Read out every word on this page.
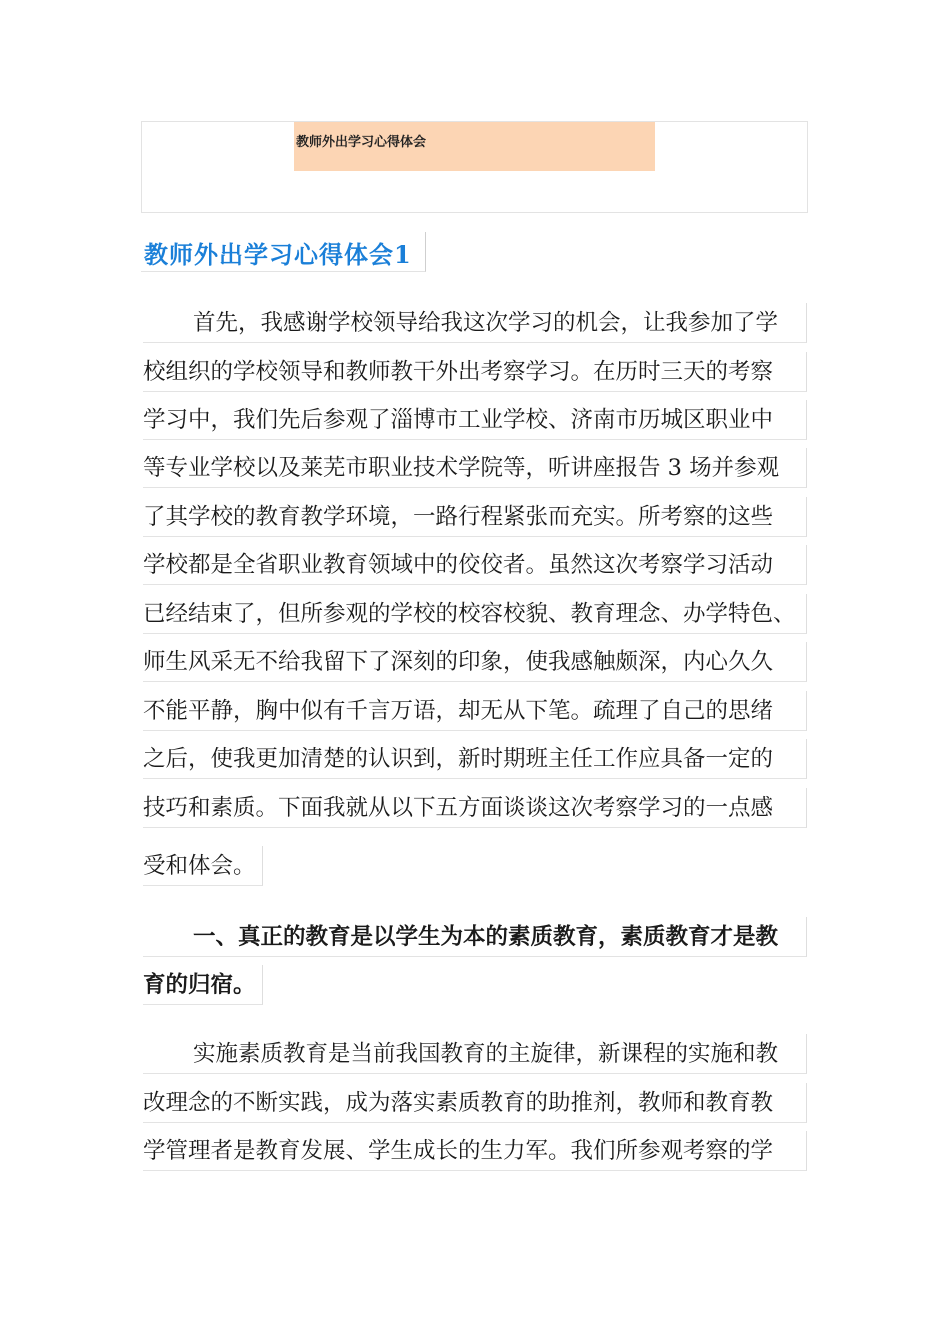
教师外出学习心得体会
教师外出学习心得体会1
首先，我感谢学校领导给我这次学习的机会，让我参加了学
校组织的学校领导和教师教干外出考察学习。在历时三天的考察
学习中，我们先后参观了淄博市工业学校、济南市历城区职业中
等专业学校以及莱芜市职业技术学院等，听讲座报告 3 场并参观
了其学校的教育教学环境，一路行程紧张而充实。所考察的这些
学校都是全省职业教育领域中的佼佼者。虽然这次考察学习活动
已经结束了，但所参观的学校的校容校貌、教育理念、办学特色、
师生风采无不给我留下了深刻的印象，使我感触颇深，内心久久
不能平静，胸中似有千言万语，却无从下笔。疏理了自己的思绪
之后，使我更加清楚的认识到，新时期班主任工作应具备一定的
技巧和素质。下面我就从以下五方面谈谈这次考察学习的一点感
受和体会。
一、真正的教育是以学生为本的素质教育，素质教育才是教
育的归宿。
实施素质教育是当前我国教育的主旋律，新课程的实施和教
改理念的不断实践，成为落实素质教育的助推剂，教师和教育教
学管理者是教育发展、学生成长的生力军。我们所参观考察的学
